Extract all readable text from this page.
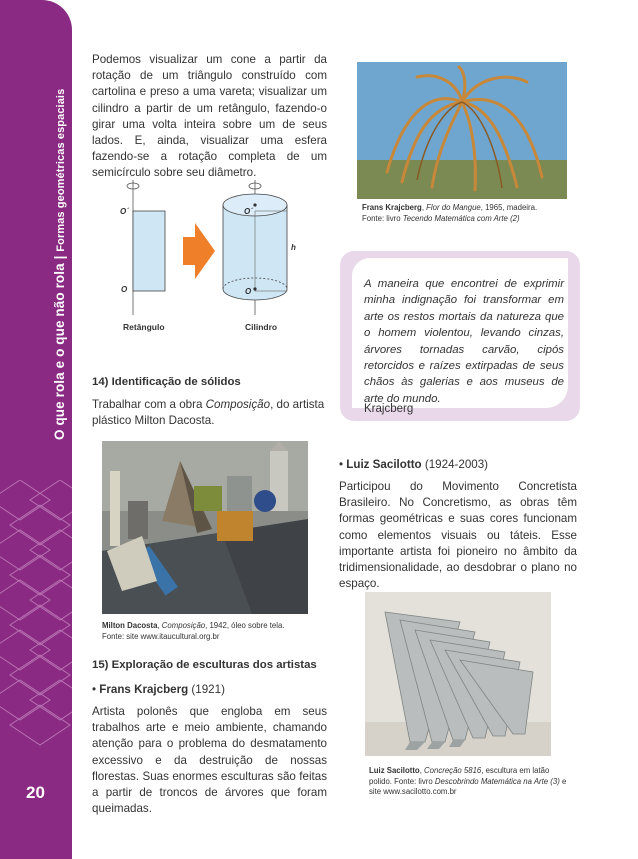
O que rola e o que não rola | Formas geométricas espaciais
20
Podemos visualizar um cone a partir da rotação de um triângulo construído com cartolina e preso a uma vareta; visualizar um cilindro a partir de um retângulo, fazendo-o girar uma volta inteira sobre um de seus lados. E, ainda, visualizar uma esfera fazendo-se a rotação completa de um semicírculo sobre seu diâmetro.
O´
O
O´
O
h
Retângulo	Cilindro
14) Identificação de sólidos
Trabalhar com a obra Composição, do artista plástico Milton Dacosta.
Milton Dacosta, Composição, 1942, óleo sobre tela.
Fonte: site www.itaucultural.org.br
15) Exploração de esculturas dos artistas
• Frans Krajcberg (1921)
Artista polonês que engloba em seus trabalhos arte e meio ambiente, chamando atenção para o problema do desmatamento excessivo e da destruição de nossas florestas. Suas enormes esculturas são feitas a partir de troncos de árvores que foram queimadas.
Frans Krajcberg, Flor do Mangue, 1965, madeira.
Fonte: livro Tecendo Matemática com Arte (2)
A maneira que encontrei de exprimir minha indignação foi transformar em arte os restos mortais da natureza que o homem violentou, levando cinzas, árvores tornadas carvão, cipós retorcidos e raízes extirpadas de seus chãos às galerias e aos museus de arte do mundo.
Krajcberg
• Luiz Sacilotto (1924-2003)
Participou do Movimento Concretista Brasileiro. No Concretismo, as obras têm formas geométricas e suas cores funcionam como elementos visuais ou táteis. Esse importante artista foi pioneiro no âmbito da tridimensionalidade, ao desdobrar o plano no espaço.
Luiz Sacilotto, Concreção 5816, escultura em latão polido. Fonte: livro Descobrindo Matemática na Arte (3) e site www.sacilotto.com.br
